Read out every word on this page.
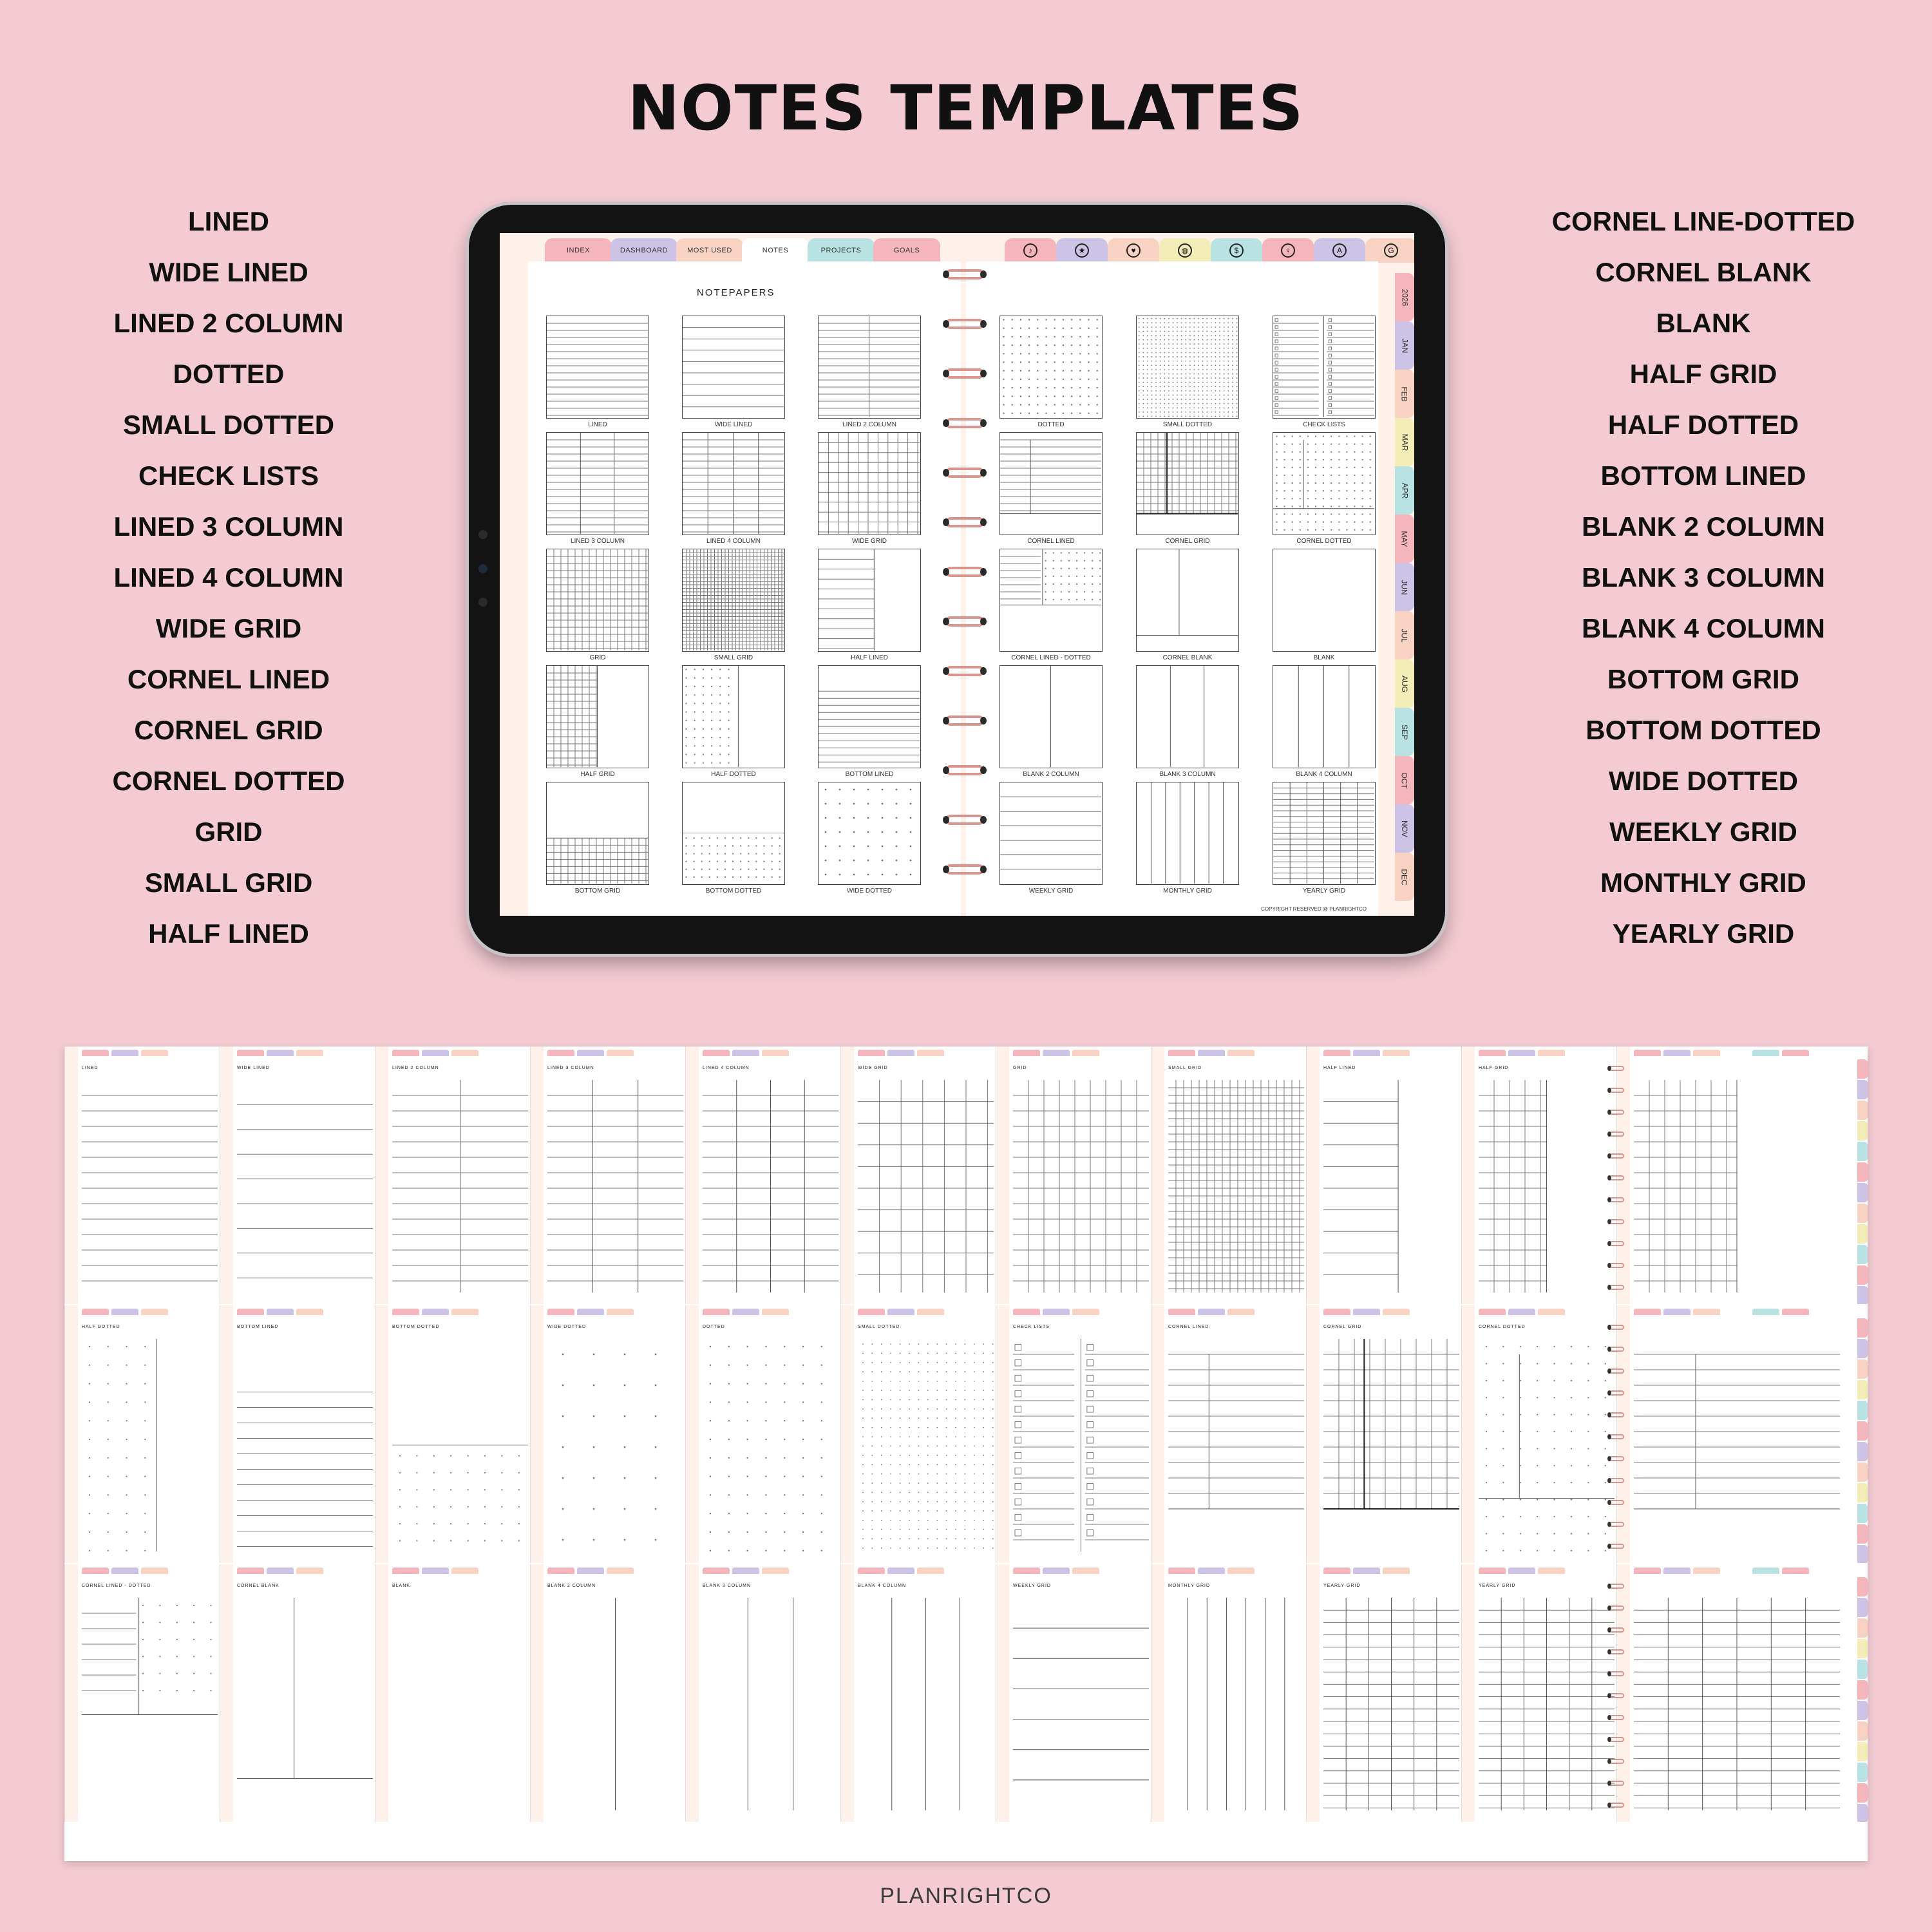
NOTES TEMPLATES
LINED
WIDE LINED
LINED 2 COLUMN
DOTTED
SMALL DOTTED
CHECK LISTS
LINED 3 COLUMN
LINED 4 COLUMN
WIDE GRID
CORNEL LINED
CORNEL GRID
CORNEL DOTTED
GRID
SMALL GRID
HALF LINED
CORNEL LINE-DOTTED
CORNEL BLANK
BLANK
HALF GRID
HALF DOTTED
BOTTOM LINED
BLANK 2 COLUMN
BLANK 3 COLUMN
BLANK 4 COLUMN
BOTTOM GRID
BOTTOM DOTTED
WIDE DOTTED
WEEKLY GRID
MONTHLY GRID
YEARLY GRID
INDEX	DASHBOARD	MOST USED	NOTES	PROJECTS	GOALS	♪	★	♥	◍	$	♀	A	G
2026
JAN
FEB
MAR
APR
MAY
JUN
JUL
AUG
SEP
OCT
NOV
DEC
NOTEPAPERS
LINED	WIDE LINED	LINED 2 COLUMN
LINED 3 COLUMN	LINED 4 COLUMN	WIDE GRID
GRID	SMALL GRID	HALF LINED
HALF GRID	HALF DOTTED	BOTTOM LINED
BOTTOM GRID	BOTTOM DOTTED	WIDE DOTTED
DOTTED	SMALL DOTTED	CHECK LISTS
CORNEL LINED	CORNEL GRID	CORNEL DOTTED
CORNEL LINED - DOTTED	CORNEL BLANK	BLANK
BLANK 2 COLUMN	BLANK 3 COLUMN	BLANK 4 COLUMN
WEEKLY GRID	MONTHLY GRID	YEARLY GRID
COPYRIGHT RESERVED @ PLANRIGHTCO
LINED	WIDE LINED	LINED 2 COLUMN	LINED 3 COLUMN	LINED 4 COLUMN	WIDE GRID	GRID	SMALL GRID	HALF LINED	HALF GRID
HALF DOTTED	BOTTOM LINED	BOTTOM DOTTED	WIDE DOTTED	DOTTED	SMALL DOTTED	CHECK LISTS	CORNEL LINED	CORNEL GRID	CORNEL DOTTED
CORNEL LINED - DOTTED	CORNEL BLANK	BLANK	BLANK 2 COLUMN	BLANK 3 COLUMN	BLANK 4 COLUMN	WEEKLY GRID	MONTHLY GRID	YEARLY GRID	YEARLY GRID
PLANRIGHTCO
